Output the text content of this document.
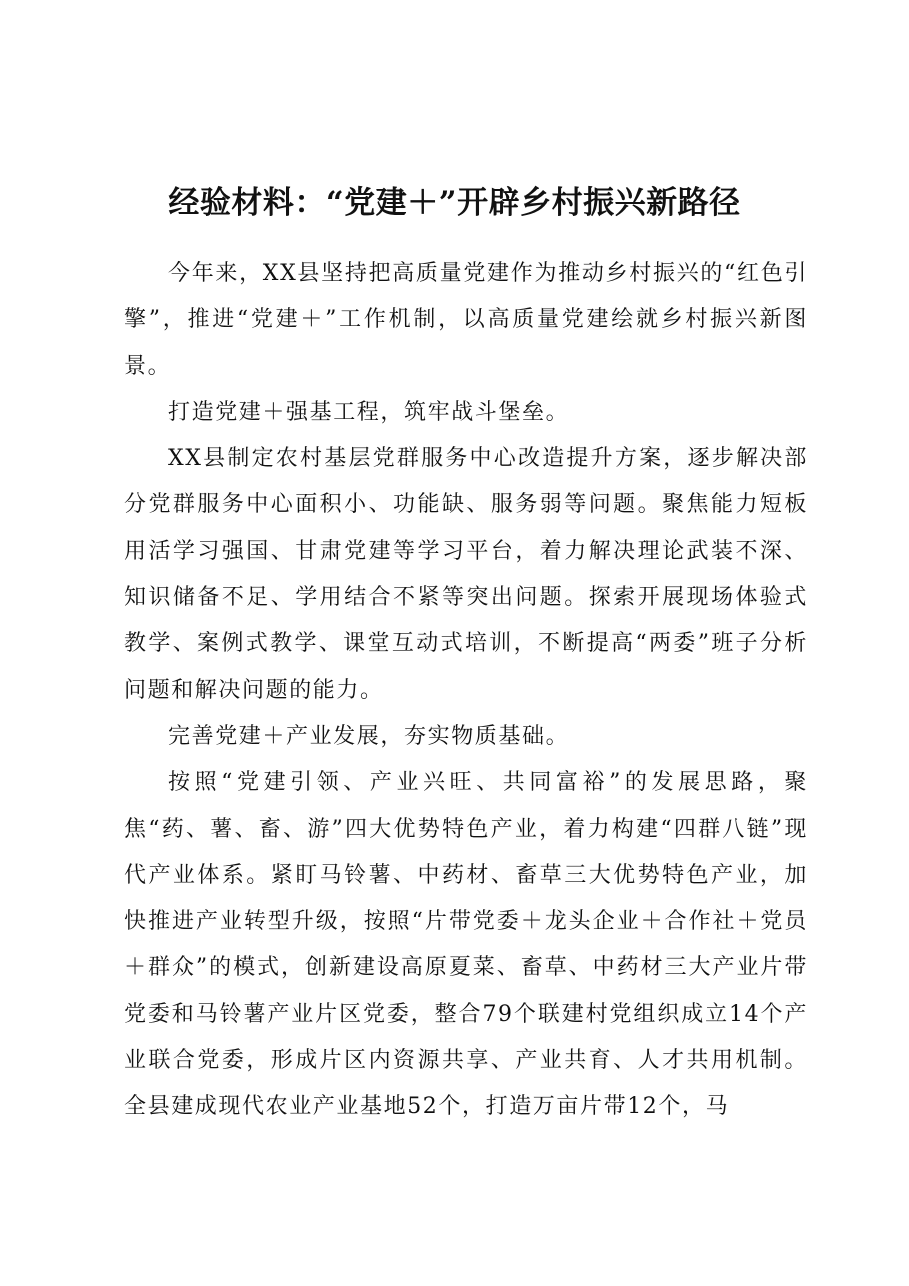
经验材料：“党建＋”开辟乡村振兴新路径

今年来，XX县坚持把高质量党建作为推动乡村振兴的“红色引擎”，推进“党建＋”工作机制，以高质量党建绘就乡村振兴新图景。

打造党建＋强基工程，筑牢战斗堡垒。

XX县制定农村基层党群服务中心改造提升方案，逐步解决部分党群服务中心面积小、功能缺、服务弱等问题。聚焦能力短板用活学习强国、甘肃党建等学习平台，着力解决理论武装不深、知识储备不足、学用结合不紧等突出问题。探索开展现场体验式教学、案例式教学、课堂互动式培训，不断提高“两委”班子分析问题和解决问题的能力。

完善党建＋产业发展，夯实物质基础。

按照“党建引领、产业兴旺、共同富裕”的发展思路，聚焦“药、薯、畜、游”四大优势特色产业，着力构建“四群八链”现代产业体系。紧盯马铃薯、中药材、畜草三大优势特色产业，加快推进产业转型升级，按照“片带党委＋龙头企业＋合作社＋党员＋群众”的模式，创新建设高原夏菜、畜草、中药材三大产业片带党委和马铃薯产业片区党委，整合79个联建村党组织成立14个产业联合党委，形成片区内资源共享、产业共育、人才共用机制。全县建成现代农业产业基地52个，打造万亩片带12个，马
